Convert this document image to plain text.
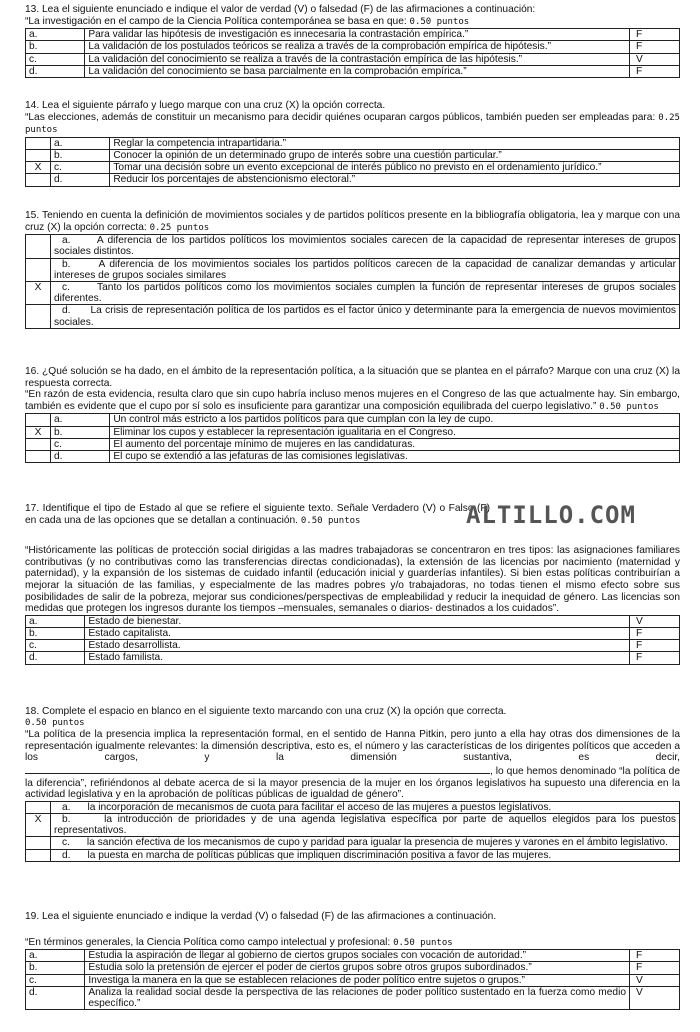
13. Lea el siguiente enunciado e indique el valor de verdad (V) o falsedad (F) de las afirmaciones a continuación:

“La investigación en el campo de la Ciencia Política contemporánea se basa en que: 0.50 puntos

a.	Para validar las hipótesis de investigación es innecesaria la contrastación empírica.”	F
b.	La validación de los postulados teóricos se realiza a través de la comprobación empírica de hipótesis.”	F
c.	La validación del conocimiento se realiza a través de la contrastación empírica de las hipótesis.”	V
d.	La validación del conocimiento se basa parcialmente en la comprobación empírica.”	F

14. Lea el siguiente párrafo y luego marque con una cruz (X) la opción correcta.

“Las elecciones, además de constituir un mecanismo para decidir quiénes ocuparan cargos públicos, también pueden ser empleadas para: 0.25 puntos

	a.	Reglar la competencia intrapartidaria.”
	b.	Conocer la opinión de un determinado grupo de interés sobre una cuestión particular.”
X	c.	Tomar una decisión sobre un evento excepcional de interés público no previsto en el ordenamiento jurídico.”
	d.	Reducir los porcentajes de abstencionismo electoral.”

15. Teniendo en cuenta la definición de movimientos sociales y de partidos políticos presente en la bibliografía obligatoria, lea y marque con una cruz (X) la opción correcta: 0.25 puntos

	a. A diferencia de los partidos políticos los movimientos sociales carecen de la capacidad de representar intereses de grupos sociales distintos.
	b. A diferencia de los movimientos sociales los partidos políticos carecen de la capacidad de canalizar demandas y articular intereses de grupos sociales similares
X	c. Tanto los partidos políticos como los movimientos sociales cumplen la función de representar intereses de grupos sociales diferentes.
	d. La crisis de representación política de los partidos es el factor único y determinante para la emergencia de nuevos movimientos sociales.

16. ¿Qué solución se ha dado, en el ámbito de la representación política, a la situación que se plantea en el párrafo? Marque con una cruz (X) la respuesta correcta.

“En razón de esta evidencia, resulta claro que sin cupo habría incluso menos mujeres en el Congreso de las que actualmente hay. Sin embargo, también es evidente que el cupo por sí solo es insuficiente para garantizar una composición equilibrada del cuerpo legislativo.” 0.50 puntos

	a.	Un control más estricto a los partidos políticos para que cumplan con la ley de cupo.
X	b.	Eliminar los cupos y establecer la representación igualitaria en el Congreso.
	c.	El aumento del porcentaje mínimo de mujeres en las candidaturas.
	d.	El cupo se extendió a las jefaturas de las comisiones legislativas.

17. Identifique el tipo de Estado al que se refiere el siguiente texto. Señale Verdadero (V) o Falso (F) en cada una de las opciones que se detallan a continuación. 0.50 puntos

“Históricamente las políticas de protección social dirigidas a las madres trabajadoras se concentraron en tres tipos: las asignaciones familiares contributivas (y no contributivas como las transferencias directas condicionadas), la extensión de las licencias por nacimiento (maternidad y paternidad), y la expansión de los sistemas de cuidado infantil (educación inicial y guarderías infantiles). Si bien estas políticas contribuirían a mejorar la situación de las familias, y especialmente de las madres pobres y/o trabajadoras, no todas tienen el mismo efecto sobre sus posibilidades de salir de la pobreza, mejorar sus condiciones/perspectivas de empleabilidad y reducir la inequidad de género. Las licencias son medidas que protegen los ingresos durante los tiempos –mensuales, semanales o diarios- destinados a los cuidados”.

a.	Estado de bienestar.	V
b.	Estado capitalista.	F
c.	Estado desarrollista.	F
d.	Estado familista.	F
ALTILLO.COM

18. Complete el espacio en blanco en el siguiente texto marcando con una cruz (X) la opción que correcta.

0.50 puntos

“La política de la presencia implica la representación formal, en el sentido de Hanna Pitkin, pero junto a ella hay otras dos dimensiones de la representación igualmente relevantes: la dimensión descriptiva, esto es, el número y las características de los dirigentes políticos que acceden a los cargos, y la dimensión sustantiva, es decir,, lo que hemos denominado “la política de la diferencia”, refiriéndonos al debate acerca de si la mayor presencia de la mujer en los órganos legislativos ha supuesto una diferencia en la actividad legislativa y en la aprobación de políticas públicas de igualdad de género”.

	a. la incorporación de mecanismos de cuota para facilitar el acceso de las mujeres a puestos legislativos.
X	b. la introducción de prioridades y de una agenda legislativa específica por parte de aquellos elegidos para los puestos representativos.
	c. la sanción efectiva de los mecanismos de cupo y paridad para igualar la presencia de mujeres y varones en el ámbito legislativo.
	d. la puesta en marcha de políticas públicas que impliquen discriminación positiva a favor de las mujeres.

19. Lea el siguiente enunciado e indique la verdad (V) o falsedad (F) de las afirmaciones a continuación.

“En términos generales, la Ciencia Política como campo intelectual y profesional: 0.50 puntos

a.	Estudia la aspiración de llegar al gobierno de ciertos grupos sociales con vocación de autoridad.”	F
b.	Estudia solo la pretensión de ejercer el poder de ciertos grupos sobre otros grupos subordinados.”	F
c.	Investiga la manera en la que se establecen relaciones de poder político entre sujetos o grupos.”	V
d.	Analiza la realidad social desde la perspectiva de las relaciones de poder político sustentado en la fuerza como medio específico.”	V
